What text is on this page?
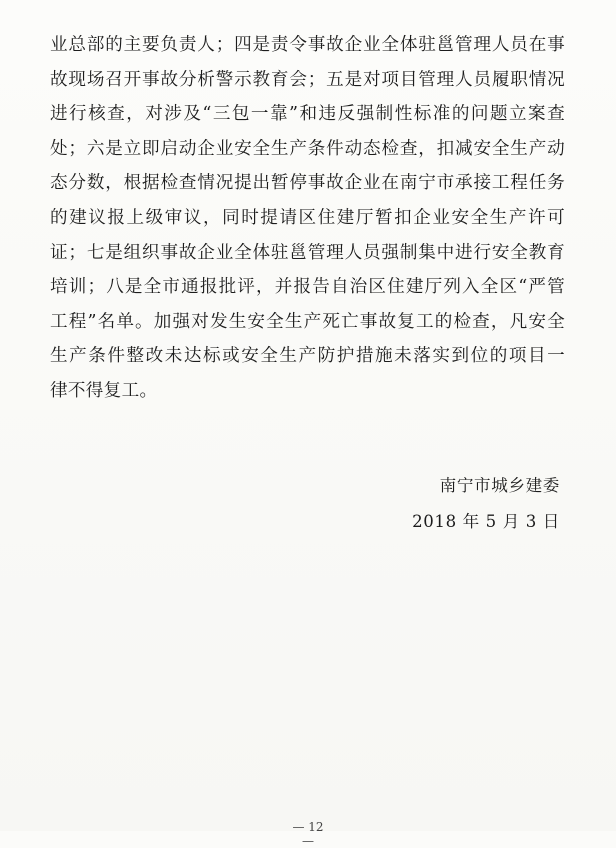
业总部的主要负责人；四是责令事故企业全体驻邕管理人员在事
故现场召开事故分析警示教育会；五是对项目管理人员履职情况
进行核查，对涉及“三包一靠”和违反强制性标准的问题立案查
处；六是立即启动企业安全生产条件动态检查，扣减安全生产动
态分数，根据检查情况提出暂停事故企业在南宁市承接工程任务
的建议报上级审议，同时提请区住建厅暂扣企业安全生产许可
证；七是组织事故企业全体驻邕管理人员强制集中进行安全教育
培训；八是全市通报批评，并报告自治区住建厅列入全区“严管
工程”名单。加强对发生安全生产死亡事故复工的检查，凡安全
生产条件整改未达标或安全生产防护措施未落实到位的项目一
律不得复工。
南宁市城乡建委
2018 年 5 月 3 日
— 12 —
